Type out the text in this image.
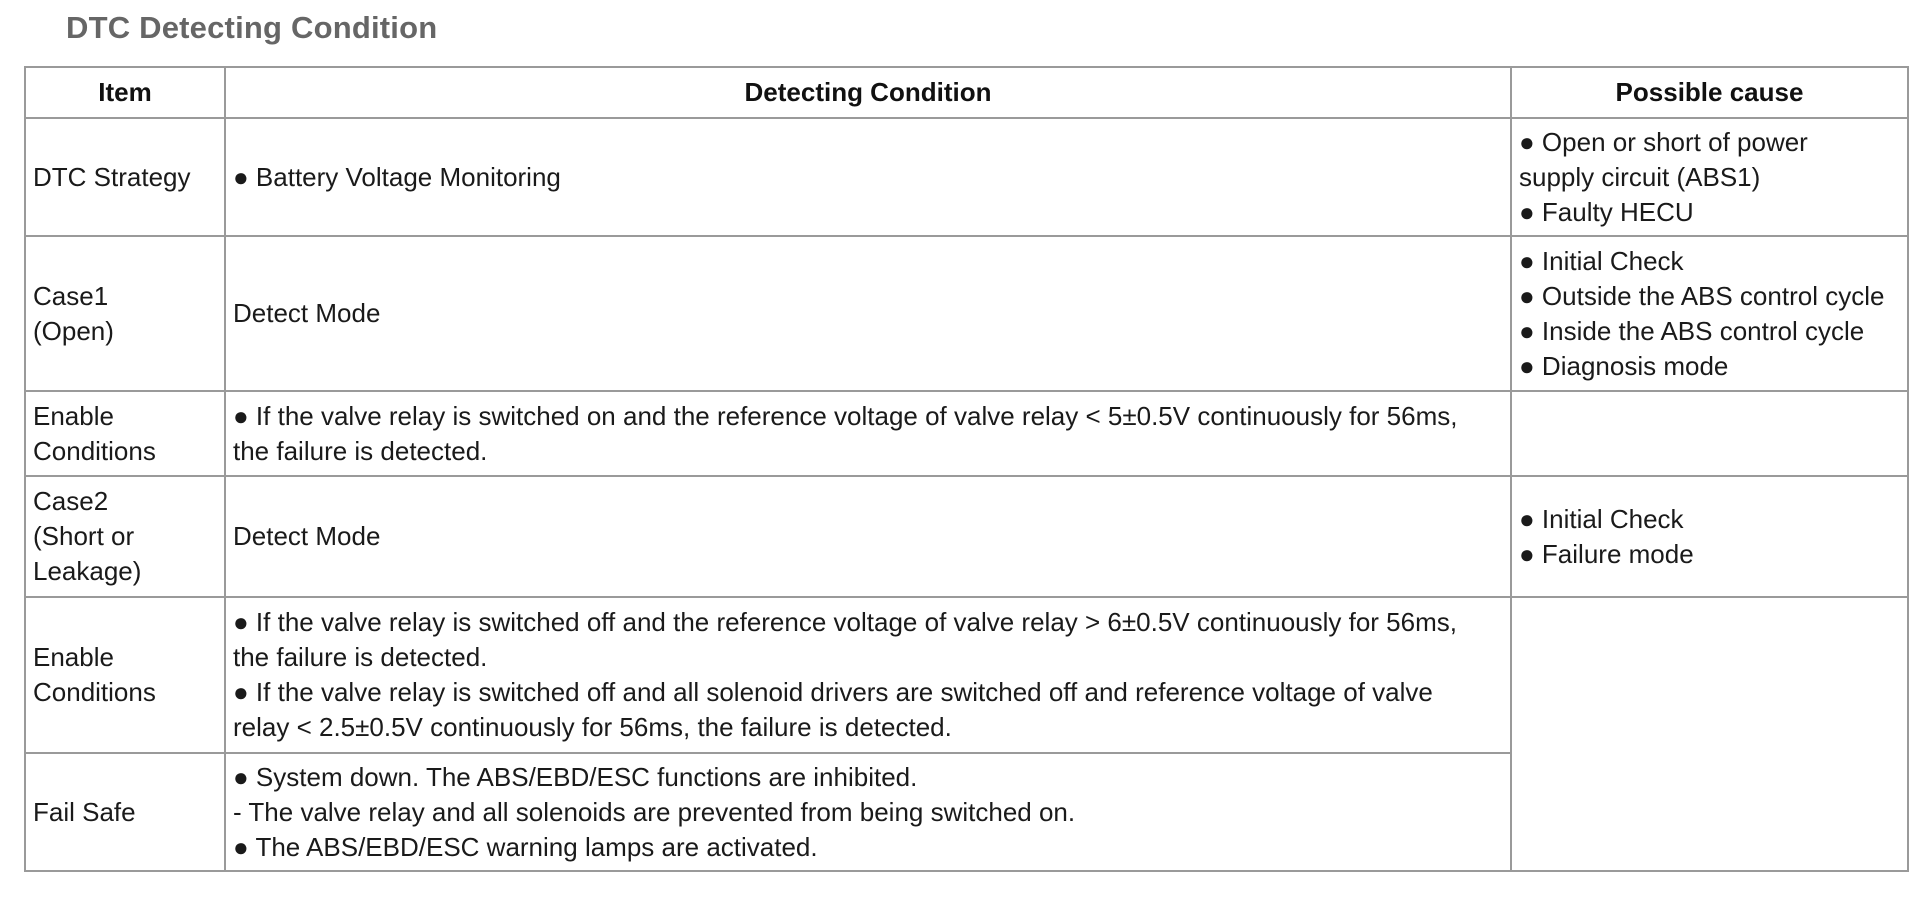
DTC Detecting Condition
Item	Detecting Condition	Possible cause

DTC Strategy	● Battery Voltage Monitoring	● Open or short of power
supply circuit (ABS1)
● Faulty HECU

Case1
(Open)	Detect Mode	● Initial Check
● Outside the ABS control cycle
● Inside the ABS control cycle
● Diagnosis mode

Enable
Conditions	● If the valve relay is switched on and the reference voltage of valve relay < 5±0.5V continuously for 56ms,
the failure is detected.	

Case2
(Short or
Leakage)	Detect Mode	● Initial Check
● Failure mode

Enable
Conditions	● If the valve relay is switched off and the reference voltage of valve relay > 6±0.5V continuously for 56ms,
the failure is detected.
● If the valve relay is switched off and all solenoid drivers are switched off and reference voltage of valve
relay < 2.5±0.5V continuously for 56ms, the failure is detected.	

Fail Safe	● System down. The ABS/EBD/ESC functions are inhibited.
- The valve relay and all solenoids are prevented from being switched on.
● The ABS/EBD/ESC warning lamps are activated.	
